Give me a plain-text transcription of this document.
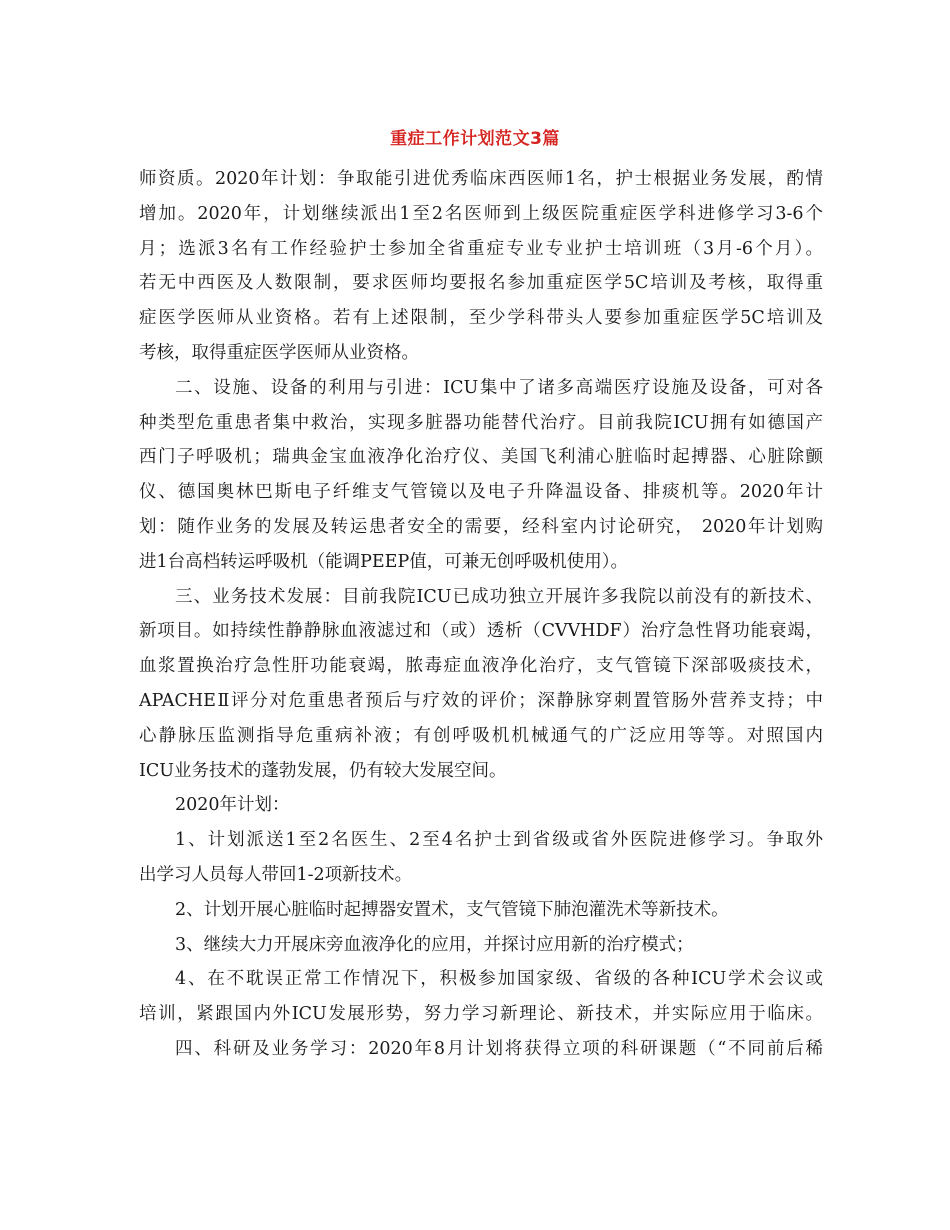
重症工作计划范文3篇
师资质。2020年计划：争取能引进优秀临床西医师1名，护士根据业务发展，酌情
增加。2020年，计划继续派出1至2名医师到上级医院重症医学科进修学习3-6个
月；选派3名有工作经验护士参加全省重症专业专业护士培训班（3月-6个月）。
若无中西医及人数限制，要求医师均要报名参加重症医学5C培训及考核，取得重
症医学医师从业资格。若有上述限制，至少学科带头人要参加重症医学5C培训及
考核，取得重症医学医师从业资格。
二、设施、设备的利用与引进：ICU集中了诸多高端医疗设施及设备，可对各
种类型危重患者集中救治，实现多脏器功能替代治疗。目前我院ICU拥有如德国产
西门子呼吸机；瑞典金宝血液净化治疗仪、美国飞利浦心脏临时起搏器、心脏除颤
仪、德国奥林巴斯电子纤维支气管镜以及电子升降温设备、排痰机等。2020年计
划：随作业务的发展及转运患者安全的需要，经科室内讨论研究， 2020年计划购
进1台高档转运呼吸机（能调PEEP值，可兼无创呼吸机使用）。
三、业务技术发展：目前我院ICU已成功独立开展许多我院以前没有的新技术、
新项目。如持续性静静脉血液滤过和（或）透析（CVVHDF）治疗急性肾功能衰竭，
血浆置换治疗急性肝功能衰竭，脓毒症血液净化治疗，支气管镜下深部吸痰技术，
APACHEⅡ评分对危重患者预后与疗效的评价；深静脉穿刺置管肠外营养支持；中
心静脉压监测指导危重病补液；有创呼吸机机械通气的广泛应用等等。对照国内
ICU业务技术的蓬勃发展，仍有较大发展空间。
2020年计划：
1、计划派送1至2名医生、2至4名护士到省级或省外医院进修学习。争取外
出学习人员每人带回1-2项新技术。
2、计划开展心脏临时起搏器安置术，支气管镜下肺泡灌洗术等新技术。
3、继续大力开展床旁血液净化的应用，并探讨应用新的治疗模式；
4、在不耽误正常工作情况下，积极参加国家级、省级的各种ICU学术会议或
培训，紧跟国内外ICU发展形势，努力学习新理论、新技术，并实际应用于临床。
四、科研及业务学习：2020年8月计划将获得立项的科研课题（“不同前后稀
